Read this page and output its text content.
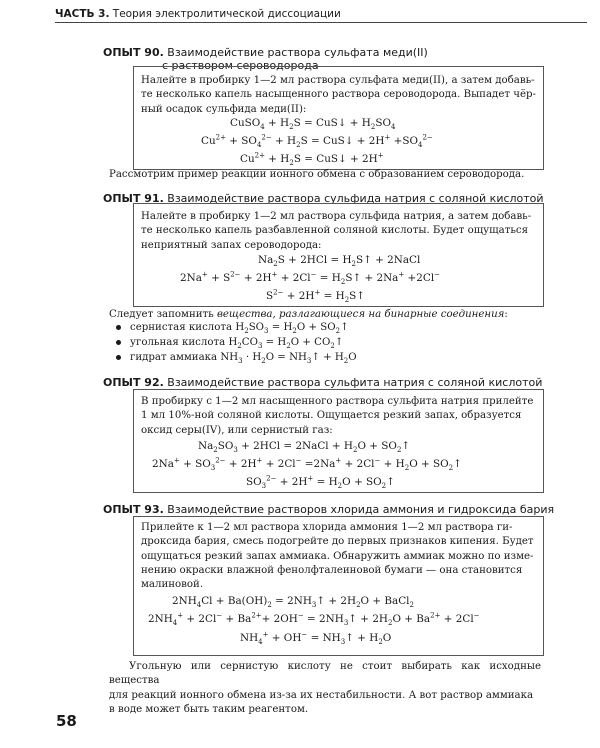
ЧАСТЬ 3. Теория электролитической диссоциации
ОПЫТ 90. Взаимодействие раствора сульфата меди(II)
с раствором сероводорода
Налейте в пробирку 1—2 мл раствора сульфата меди(II), а затем добавь-
те несколько капель насыщенного раствора сероводорода. Выпадет чёр-
ный осадок сульфида меди(II):
CuSO$_4$ + $H_2S$ = CuS↓ + $H_2SO_4$
$Cu^{2+} + SO_4^{2-} + H_2S$ = CuS↓ + $2H^+ +SO_4^{2-}$
$Cu^{2+} + H_2S$ = CuS↓ + 2H+
Рассмотрим пример реакции ионного обмена с образованием сероводорода.
ОПЫТ 91. Взаимодействие раствора сульфида натрия с соляной кислотой
Налейте в пробирку 1—2 мл раствора сульфида натрия, а затем добавь-
те несколько капель разбавленной соляной кислоты. Будет ощущаться
неприятный запах сероводорода:
$Na_2S + 2HCl$ = $H_2S↑$ + 2NaCl
$2Na^+ + S^{2-} + 2H^+ + 2Cl^-$ = $H_2S↑ + 2Na^+ +2Cl^-$
$S^{2-} + 2H^+$ = $H_2S↑$
Следует запомнить вещества, разлагающиеся на бинарные соединения:
сернистая кислота $H_2SO_3 = H_2O$ + $SO_2↑$
угольная кислота $H_2CO_3 = H_2O$ + $CO_2↑$
гидрат аммиака $NH_3 \cdot H_2O$ = $NH_3↑ + H_2O$
ОПЫТ 92. Взаимодействие раствора сульфита натрия с соляной кислотой
В пробирку с 1—2 мл насыщенного раствора сульфита натрия прилейте
1 мл 10%-ной соляной кислоты. Ощущается резкий запах, образуется
оксид серы(IV), или сернистый газ:
$Na_2SO_3 + 2HCl$ = 2NaCl + $H_2O$ + $SO_2↑$
$2Na^+ + SO_3^{2-} + 2H^+ + 2Cl^- =2Na^+ + 2Cl^- + H_2O$ + $SO_2↑$
$SO_3^{2-} + 2H^+ = H_2O$ + $SO_2↑$
ОПЫТ 93. Взаимодействие растворов хлорида аммония и гидроксида бария
Прилейте к 1—2 мл раствора хлорида аммония 1—2 мл раствора ги-
дроксида бария, смесь подогрейте до первых признаков кипения. Будет
ощущаться резкий запах аммиака. Обнаружить аммиак можно по изме-
нению окраски влажной фенолфталеиновой бумаги — она становится
малиновой.
$2NH_4Cl + Ba(OH)_2$ = $2NH_3↑ + 2H_2O$ + BaCl$_2$
$2NH_4^+ + 2Cl^- + Ba^{2+}+ 2OH^-$ = $2NH_3↑ + 2H_2O + Ba^{2+} + 2Cl^-$
$NH_4^+ + OH^-$ = $NH_3↑ + H_2O$
Угольную или сернистую кислоту не стоит выбирать как исходные вещества
для реакций ионного обмена из-за их нестабильности. А вот раствор аммиака
в воде может быть таким реагентом.
58
